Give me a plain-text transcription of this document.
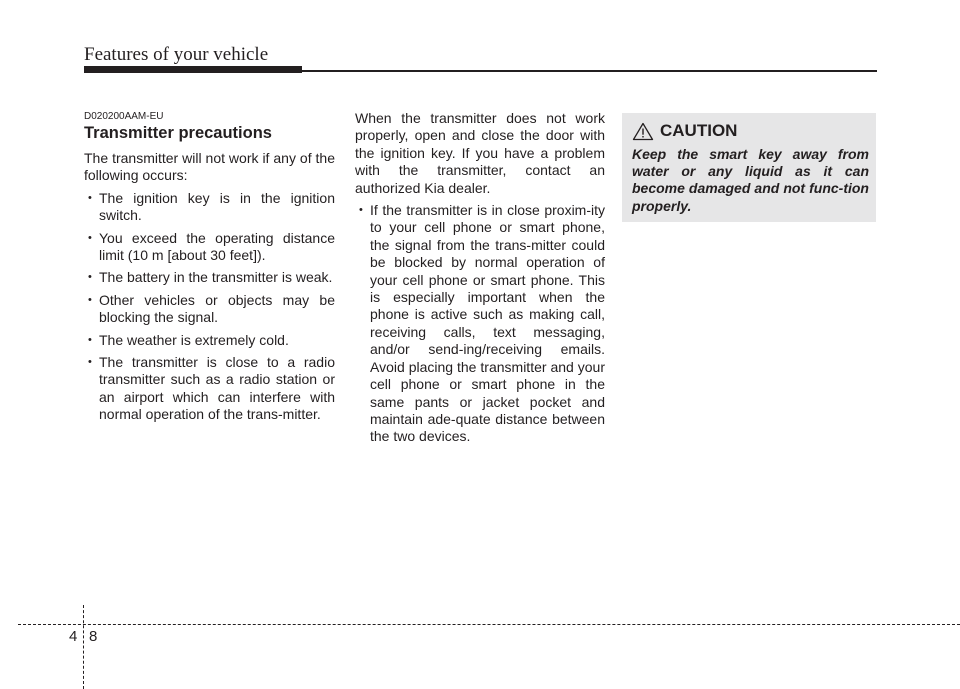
Features of your vehicle
D020200AAM-EU
Transmitter precautions

The transmitter will not work if any of the following occurs:

• The ignition key is in the ignition switch.
• You exceed the operating distance limit (10 m [about 30 feet]).
• The battery in the transmitter is weak.
• Other vehicles or objects may be blocking the signal.
• The weather is extremely cold.
• The transmitter is close to a radio transmitter such as a radio station or an airport which can interfere with normal operation of the trans-mitter.

When the transmitter does not work properly, open and close the door with the ignition key. If you have a problem with the transmitter, contact an authorized Kia dealer.

• If the transmitter is in close proxim-ity to your cell phone or smart phone, the signal from the trans-mitter could be blocked by normal operation of your cell phone or smart phone. This is especially important when the phone is active such as making call, receiving calls, text messaging, and/or send-ing/receiving emails. Avoid placing the transmitter and your cell phone or smart phone in the same pants or jacket pocket and maintain ade-quate distance between the two devices.
CAUTION
Keep the smart key away from water or any liquid as it can become damaged and not func-tion properly.
4 8
